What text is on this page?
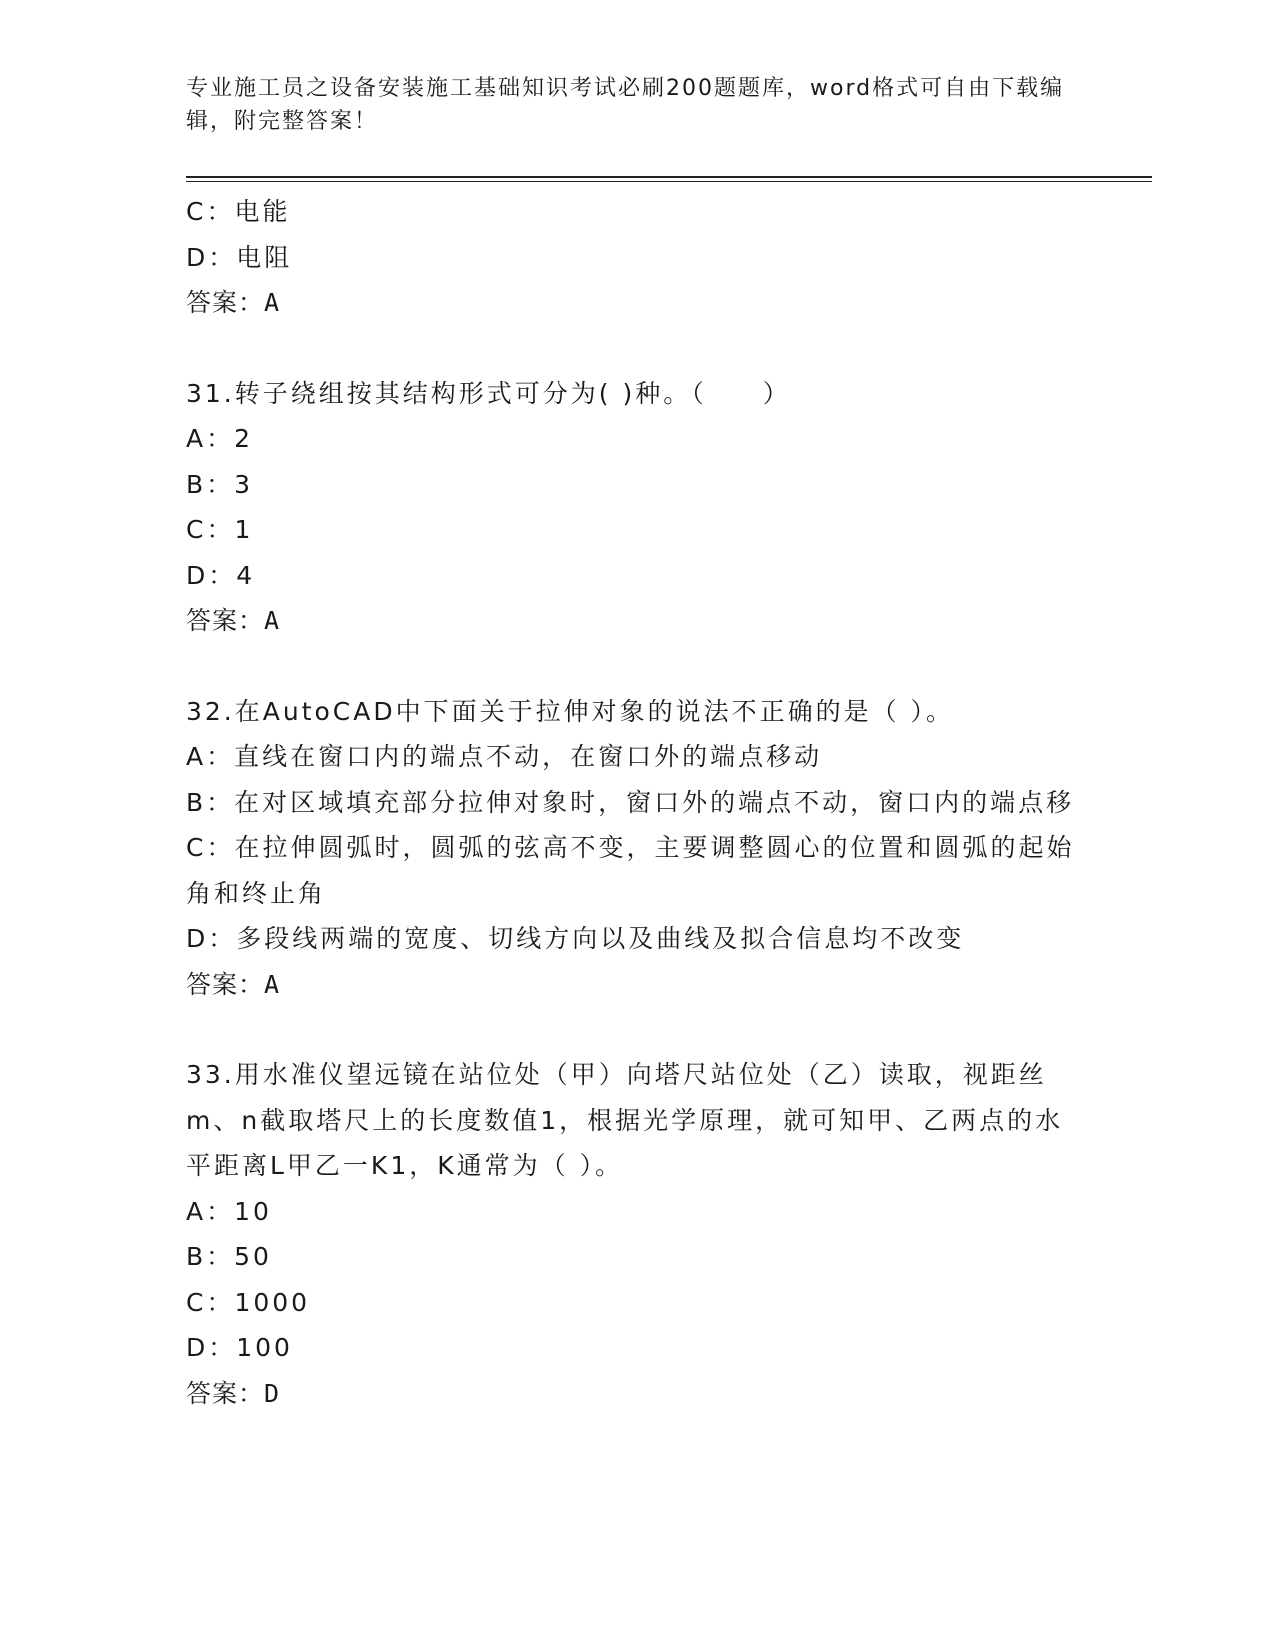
专业施工员之设备安装施工基础知识考试必刷200题题库，word格式可自由下载编辑，附完整答案！
C：电能
D：电阻
答案：A
31.转子绕组按其结构形式可分为( )种。（　　）
A：2
B：3
C：1
D：4
答案：A
32.在AutoCAD中下面关于拉伸对象的说法不正确的是（ ）。
A：直线在窗口内的端点不动，在窗口外的端点移动
B：在对区域填充部分拉伸对象时，窗口外的端点不动，窗口内的端点移
C：在拉伸圆弧时，圆弧的弦高不变，主要调整圆心的位置和圆弧的起始角和终止角
D：多段线两端的宽度、切线方向以及曲线及拟合信息均不改变
答案：A
33.用水准仪望远镜在站位处（甲）向塔尺站位处（乙）读取，视距丝m、n截取塔尺上的长度数值1，根据光学原理，就可知甲、乙两点的水平距离L甲乙一K1，K通常为（ ）。
A：10
B：50
C：1000
D：100
答案：D
